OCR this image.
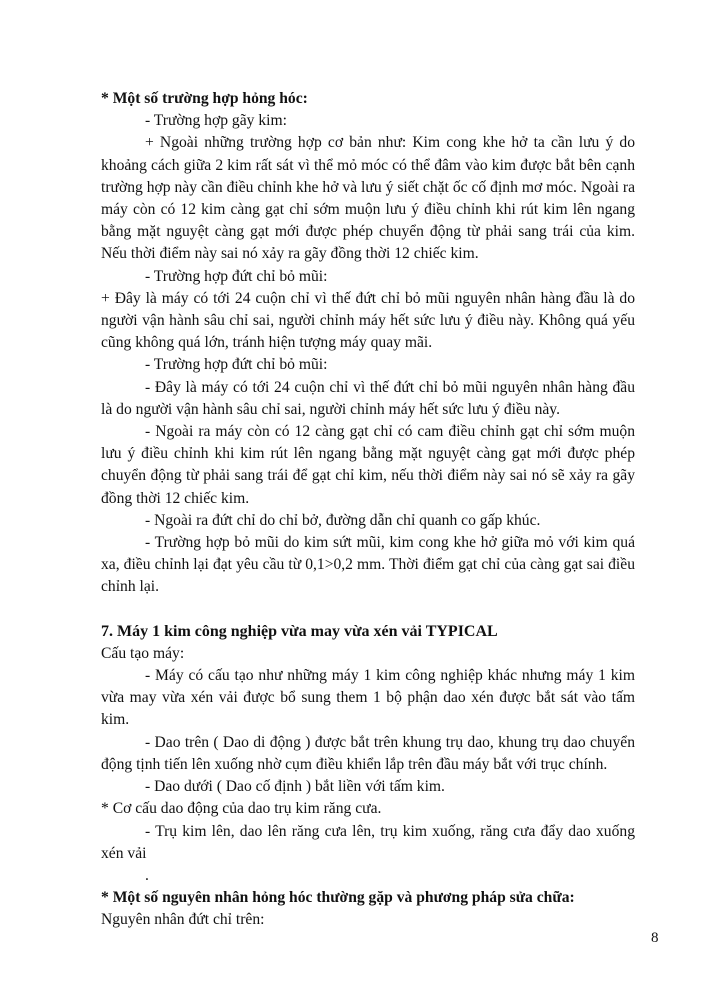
* Một số trường hợp hỏng hóc:

- Trường hợp gãy kim:

+ Ngoài những trường hợp cơ bản như: Kim cong khe hở ta cần lưu ý do khoảng cách giữa 2 kim rất sát vì thể mỏ móc có thể đâm vào kim được bắt bên cạnh trường hợp này cần điều chỉnh khe hở và lưu ý siết chặt ốc cố định mơ móc. Ngoài ra máy còn có 12 kim càng gạt chỉ sớm muộn lưu ý điều chỉnh khi rút kim lên ngang bằng mặt nguyệt càng gạt mới được phép chuyển động từ phải sang trái của kim. Nếu thời điểm này sai nó xảy ra gãy đồng thời 12 chiếc kim.

- Trường hợp đứt chỉ bỏ mũi:

+ Đây là máy có tới 24 cuộn chỉ vì thế đứt chỉ bỏ mũi nguyên nhân hàng đầu là do người vận hành sâu chỉ sai, người chỉnh máy hết sức lưu ý điều này. Không quá yếu cũng không quá lớn, tránh hiện tượng máy quay mãi.

- Trường hợp đứt chỉ bỏ mũi:

- Đây là máy có tới 24 cuộn chỉ vì thế đứt chỉ bỏ mũi nguyên nhân hàng đầu là do người vận hành sâu chỉ sai, người chỉnh máy hết sức lưu ý điều này.

- Ngoài ra máy còn có 12 càng gạt chỉ có cam điều chỉnh gạt chỉ sớm muộn lưu ý điều chỉnh khi kim rút lên ngang bằng mặt nguyệt càng gạt mới được phép chuyển động từ phải sang trái để gạt chỉ kim, nếu thời điểm này sai nó sẽ xảy ra gãy đồng thời 12 chiếc kim.

- Ngoài ra đứt chỉ do chỉ bở, đường dẫn chỉ quanh co gấp khúc.

- Trường hợp bỏ mũi do kim sứt mũi, kim cong khe hở giữa mỏ với kim quá xa, điều chỉnh lại đạt yêu cầu từ 0,1>0,2 mm. Thời điểm gạt chỉ của càng gạt sai điều chỉnh lại.

7. Máy 1 kim công nghiệp vừa may vừa xén vải TYPICAL

Cấu tạo máy:

- Máy có cấu tạo như những máy 1 kim công nghiệp khác nhưng máy 1 kim vừa may vừa xén vải được bổ sung them 1 bộ phận dao xén được bắt sát vào tấm kim.

- Dao trên ( Dao di động ) được bắt trên khung trụ dao, khung trụ dao chuyển động tịnh tiến lên xuống nhờ cụm điều khiển lắp trên đầu máy bắt với trục chính.

- Dao dưới ( Dao cố định ) bắt liền với tấm kim.

* Cơ cấu dao động của dao trụ kim răng cưa.

- Trụ kim lên, dao lên răng cưa lên, trụ kim xuống, răng cưa đẩy dao xuống xén vải

.

* Một số nguyên nhân hỏng hóc thường gặp và phương pháp sửa chữa:

Nguyên nhân đứt chỉ trên:

8
